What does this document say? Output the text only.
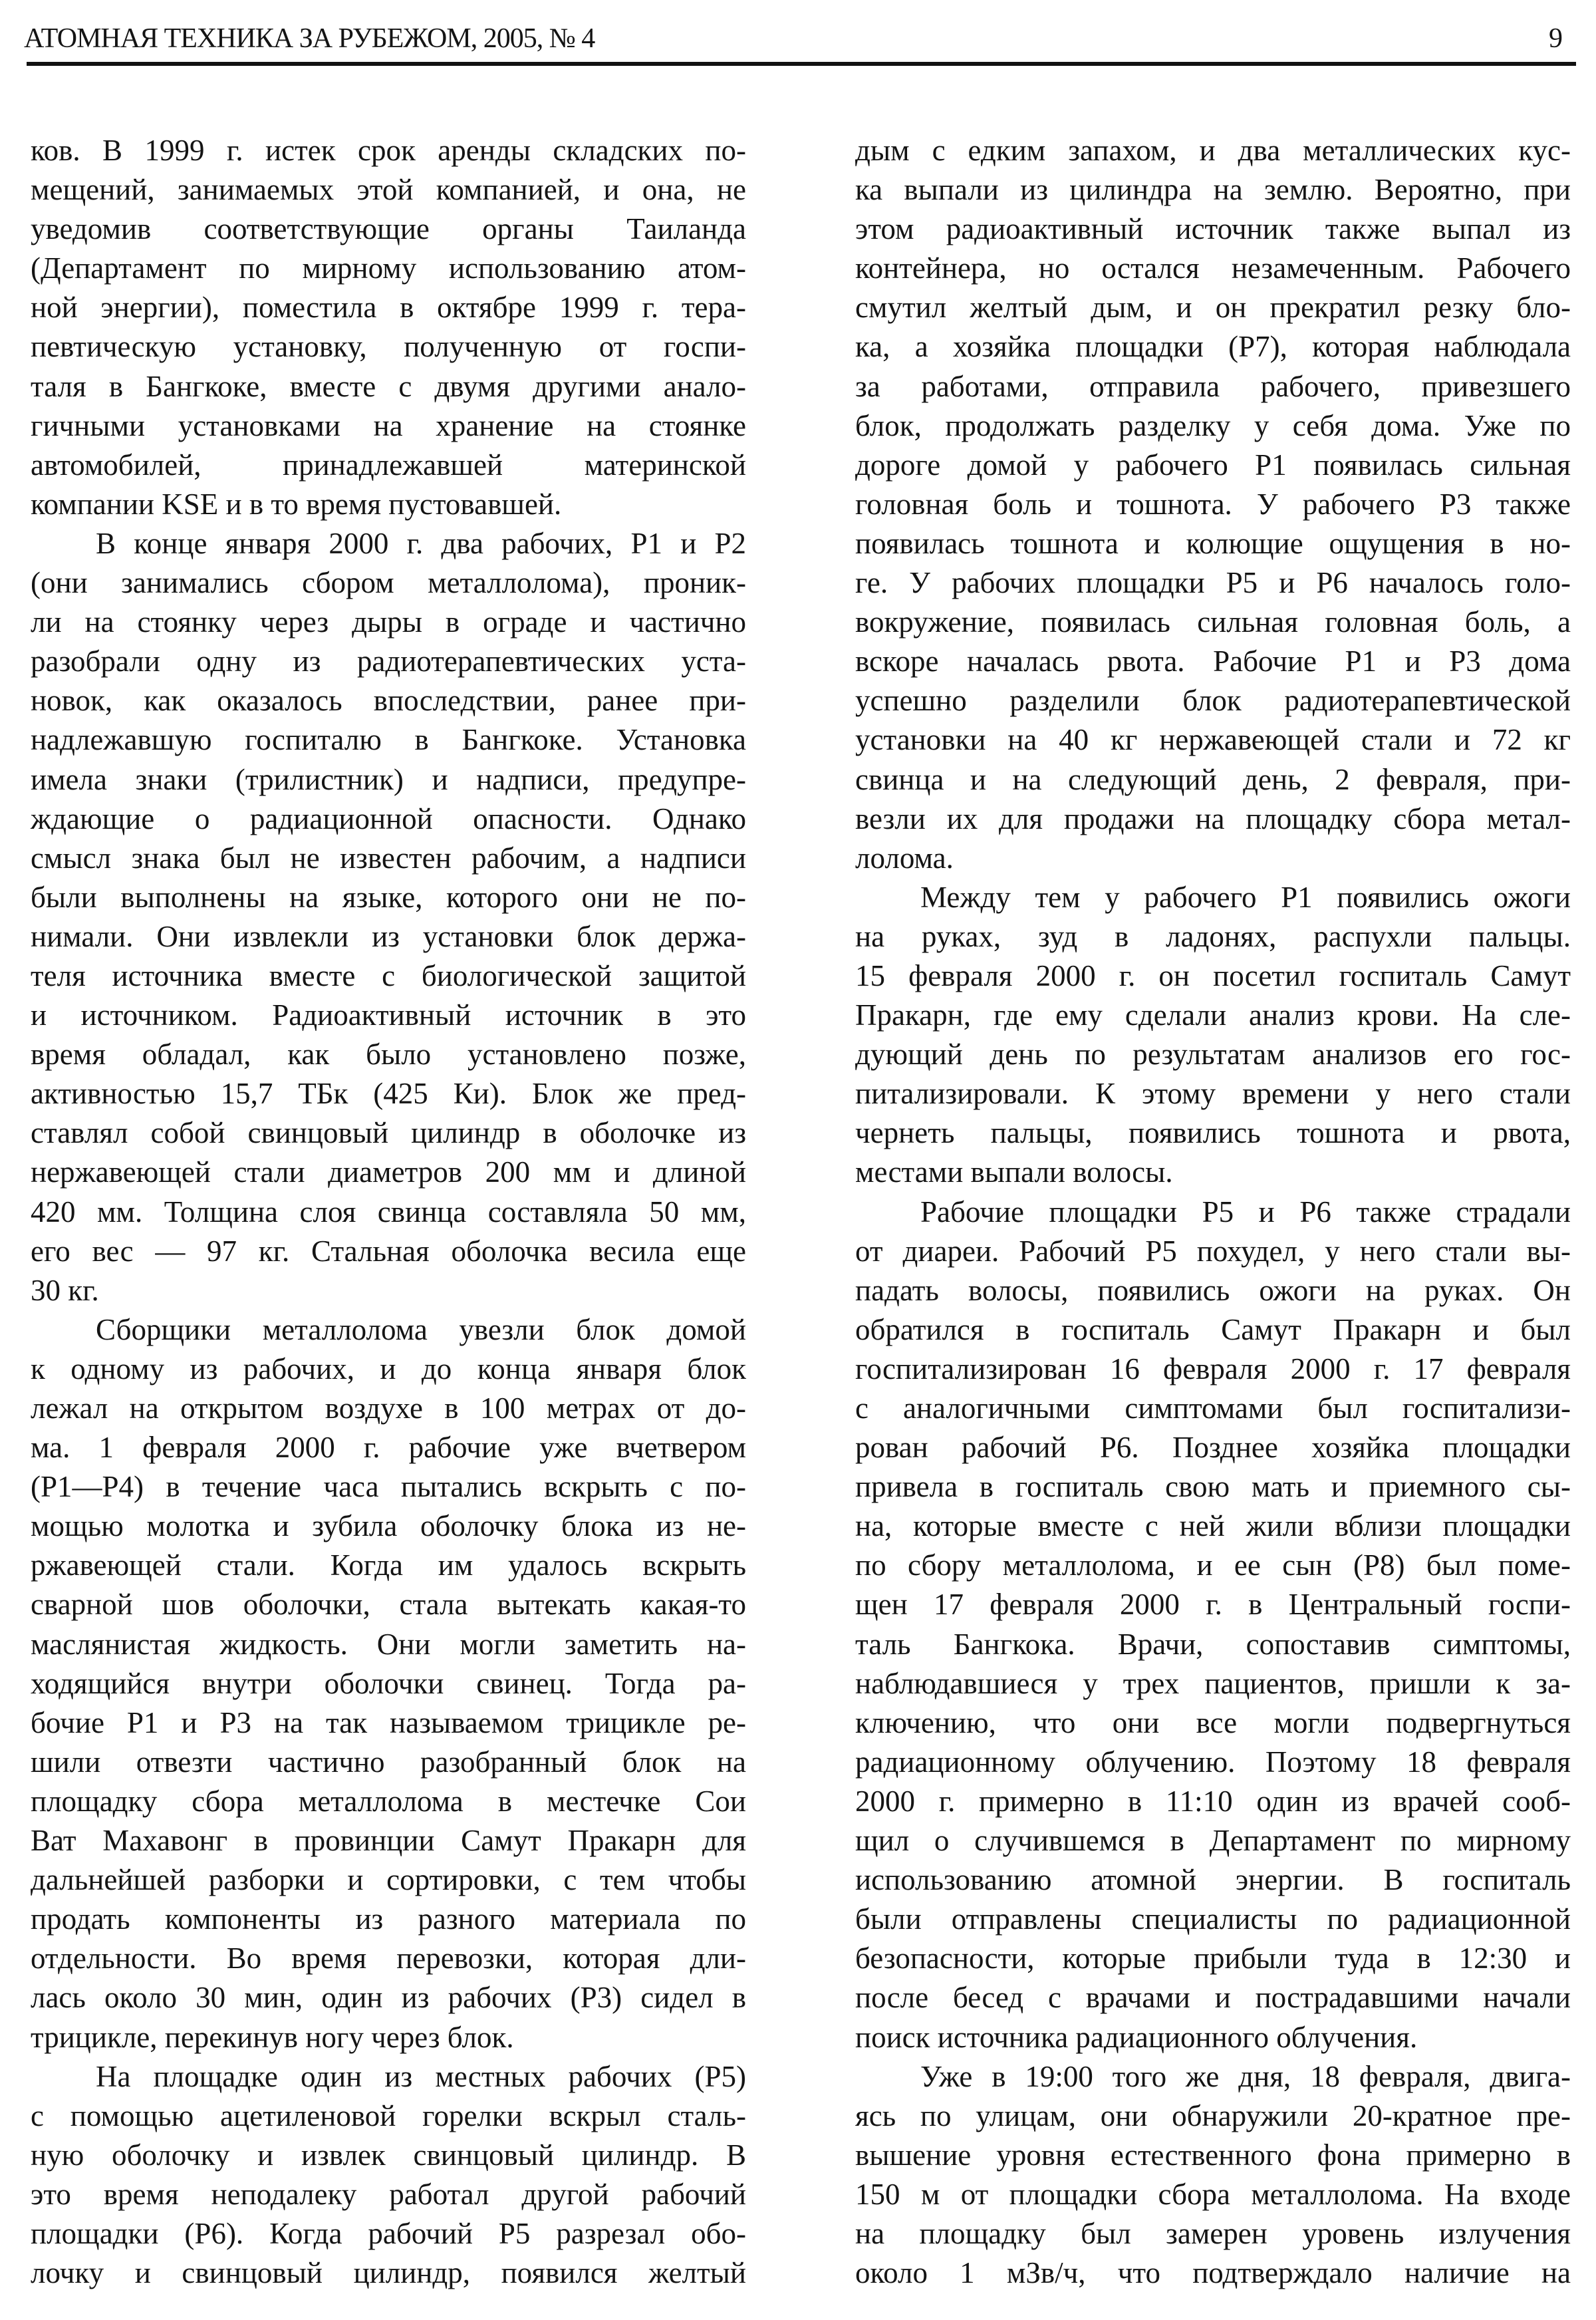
АТОМНАЯ ТЕХНИКА ЗА РУБЕЖОМ, 2005, № 4	9
ков. В 1999 г. истек срок аренды складских по-
мещений, занимаемых этой компанией, и она, не
уведомив соответствующие органы Таиланда
(Департамент по мирному использованию атом-
ной энергии), поместила в октябре 1999 г. тера-
певтическую установку, полученную от госпи-
таля в Бангкоке, вместе с двумя другими анало-
гичными установками на хранение на стоянке
автомобилей, принадлежавшей материнской
компании KSE и в то время пустовавшей.
В конце января 2000 г. два рабочих, P1 и P2
(они занимались сбором металлолома), проник-
ли на стоянку через дыры в ограде и частично
разобрали одну из радиотерапевтических уста-
новок, как оказалось впоследствии, ранее при-
надлежавшую госпиталю в Бангкоке. Установка
имела знаки (трилистник) и надписи, предупре-
ждающие о радиационной опасности. Однако
смысл знака был не известен рабочим, а надписи
были выполнены на языке, которого они не по-
нимали. Они извлекли из установки блок держа-
теля источника вместе с биологической защитой
и источником. Радиоактивный источник в это
время обладал, как было установлено позже,
активностью 15,7 ТБк (425 Ки). Блок же пред-
ставлял собой свинцовый цилиндр в оболочке из
нержавеющей стали диаметров 200 мм и длиной
420 мм. Толщина слоя свинца составляла 50 мм,
его вес — 97 кг. Стальная оболочка весила еще
30 кг.
Сборщики металлолома увезли блок домой
к одному из рабочих, и до конца января блок
лежал на открытом воздухе в 100 метрах от до-
ма. 1 февраля 2000 г. рабочие уже вчетвером
(P1—P4) в течение часа пытались вскрыть с по-
мощью молотка и зубила оболочку блока из не-
ржавеющей стали. Когда им удалось вскрыть
сварной шов оболочки, стала вытекать какая-то
маслянистая жидкость. Они могли заметить на-
ходящийся внутри оболочки свинец. Тогда ра-
бочие P1 и P3 на так называемом трицикле ре-
шили отвезти частично разобранный блок на
площадку сбора металлолома в местечке Сои
Ват Махавонг в провинции Самут Пракарн для
дальнейшей разборки и сортировки, с тем чтобы
продать компоненты из разного материала по
отдельности. Во время перевозки, которая дли-
лась около 30 мин, один из рабочих (P3) сидел в
трицикле, перекинув ногу через блок.
На площадке один из местных рабочих (P5)
с помощью ацетиленовой горелки вскрыл сталь-
ную оболочку и извлек свинцовый цилиндр. В
это время неподалеку работал другой рабочий
площадки (P6). Когда рабочий P5 разрезал обо-
лочку и свинцовый цилиндр, появился желтый
дым с едким запахом, и два металлических кус-
ка выпали из цилиндра на землю. Вероятно, при
этом радиоактивный источник также выпал из
контейнера, но остался незамеченным. Рабочего
смутил желтый дым, и он прекратил резку бло-
ка, а хозяйка площадки (P7), которая наблюдала
за работами, отправила рабочего, привезшего
блок, продолжать разделку у себя дома. Уже по
дороге домой у рабочего P1 появилась сильная
головная боль и тошнота. У рабочего P3 также
появилась тошнота и колющие ощущения в но-
ге. У рабочих площадки P5 и P6 началось голо-
вокружение, появилась сильная головная боль, а
вскоре началась рвота. Рабочие P1 и P3 дома
успешно разделили блок радиотерапевтической
установки на 40 кг нержавеющей стали и 72 кг
свинца и на следующий день, 2 февраля, при-
везли их для продажи на площадку сбора метал-
лолома.
Между тем у рабочего P1 появились ожоги
на руках, зуд в ладонях, распухли пальцы.
15 февраля 2000 г. он посетил госпиталь Самут
Пракарн, где ему сделали анализ крови. На сле-
дующий день по результатам анализов его гос-
питализировали. К этому времени у него стали
чернеть пальцы, появились тошнота и рвота,
местами выпали волосы.
Рабочие площадки P5 и P6 также страдали
от диареи. Рабочий P5 похудел, у него стали вы-
падать волосы, появились ожоги на руках. Он
обратился в госпиталь Самут Пракарн и был
госпитализирован 16 февраля 2000 г. 17 февраля
с аналогичными симптомами был госпитализи-
рован рабочий P6. Позднее хозяйка площадки
привела в госпиталь свою мать и приемного сы-
на, которые вместе с ней жили вблизи площадки
по сбору металлолома, и ее сын (P8) был поме-
щен 17 февраля 2000 г. в Центральный госпи-
таль Бангкока. Врачи, сопоставив симптомы,
наблюдавшиеся у трех пациентов, пришли к за-
ключению, что они все могли подвергнуться
радиационному облучению. Поэтому 18 февраля
2000 г. примерно в 11:10 один из врачей сооб-
щил о случившемся в Департамент по мирному
использованию атомной энергии. В госпиталь
были отправлены специалисты по радиационной
безопасности, которые прибыли туда в 12:30 и
после бесед с врачами и пострадавшими начали
поиск источника радиационного облучения.
Уже в 19:00 того же дня, 18 февраля, двига-
ясь по улицам, они обнаружили 20-кратное пре-
вышение уровня естественного фона примерно в
150 м от площадки сбора металлолома. На входе
на площадку был замерен уровень излучения
около 1 мЗв/ч, что подтверждало наличие на
